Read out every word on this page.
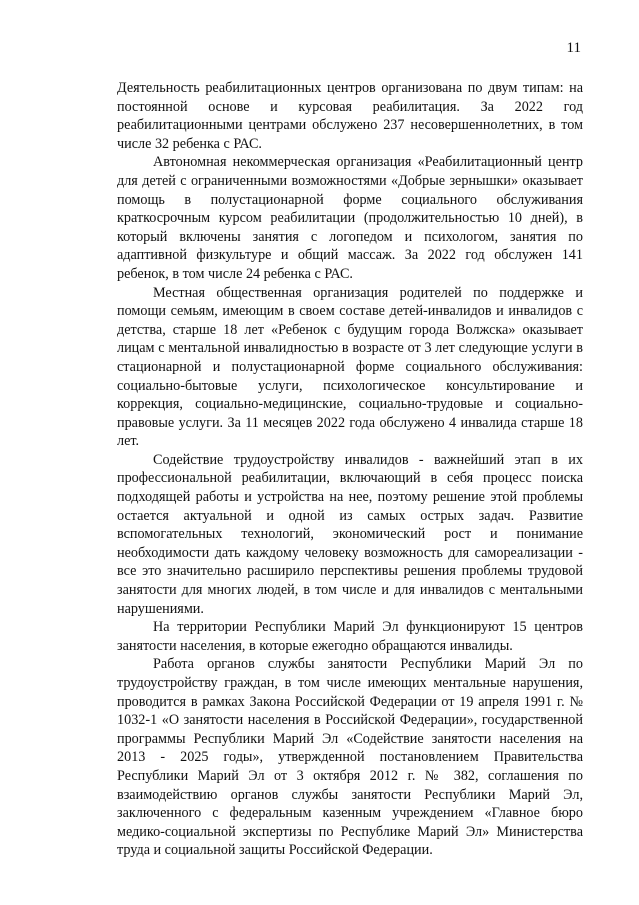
11

Деятельность реабилитационных центров организована по двум типам: на постоянной основе и курсовая реабилитация. За 2022 год реабилитационными центрами обслужено 237 несовершеннолетних, в том числе 32 ребенка с РАС.

Автономная некоммерческая организация «Реабилитационный центр для детей с ограниченными возможностями «Добрые зернышки» оказывает помощь в полустационарной форме социального обслуживания краткосрочным курсом реабилитации (продолжительностью 10 дней), в который включены занятия с логопедом и психологом, занятия по адаптивной физкультуре и общий массаж. За 2022 год обслужен 141 ребенок, в том числе 24 ребенка с РАС.

Местная общественная организация родителей по поддержке и помощи семьям, имеющим в своем составе детей-инвалидов и инвалидов с детства, старше 18 лет «Ребенок с будущим города Волжска» оказывает лицам с ментальной инвалидностью в возрасте от 3 лет следующие услуги в стационарной и полустационарной форме социального обслуживания: социально-бытовые услуги, психологическое консультирование и коррекция, социально-медицинские, социально-трудовые и социально-правовые услуги. За 11 месяцев 2022 года обслужено 4 инвалида старше 18 лет.

Содействие трудоустройству инвалидов - важнейший этап в их профессиональной реабилитации, включающий в себя процесс поиска подходящей работы и устройства на нее, поэтому решение этой проблемы остается актуальной и одной из самых острых задач. Развитие вспомогательных технологий, экономический рост и понимание необходимости дать каждому человеку возможность для самореализации - все это значительно расширило перспективы решения проблемы трудовой занятости для многих людей, в том числе и для инвалидов с ментальными нарушениями.

На территории Республики Марий Эл функционируют 15 центров занятости населения, в которые ежегодно обращаются инвалиды.

Работа органов службы занятости Республики Марий Эл по трудоустройству граждан, в том числе имеющих ментальные нарушения, проводится в рамках Закона Российской Федерации от 19 апреля 1991 г. № 1032-1 «О занятости населения в Российской Федерации», государственной программы Республики Марий Эл «Содействие занятости населения на 2013 - 2025 годы», утвержденной постановлением Правительства Республики Марий Эл от 3 октября 2012 г. № 382, соглашения по взаимодействию органов службы занятости Республики Марий Эл, заключенного с федеральным казенным учреждением «Главное бюро медико-социальной экспертизы по Республике Марий Эл» Министерства труда и социальной защиты Российской Федерации.
